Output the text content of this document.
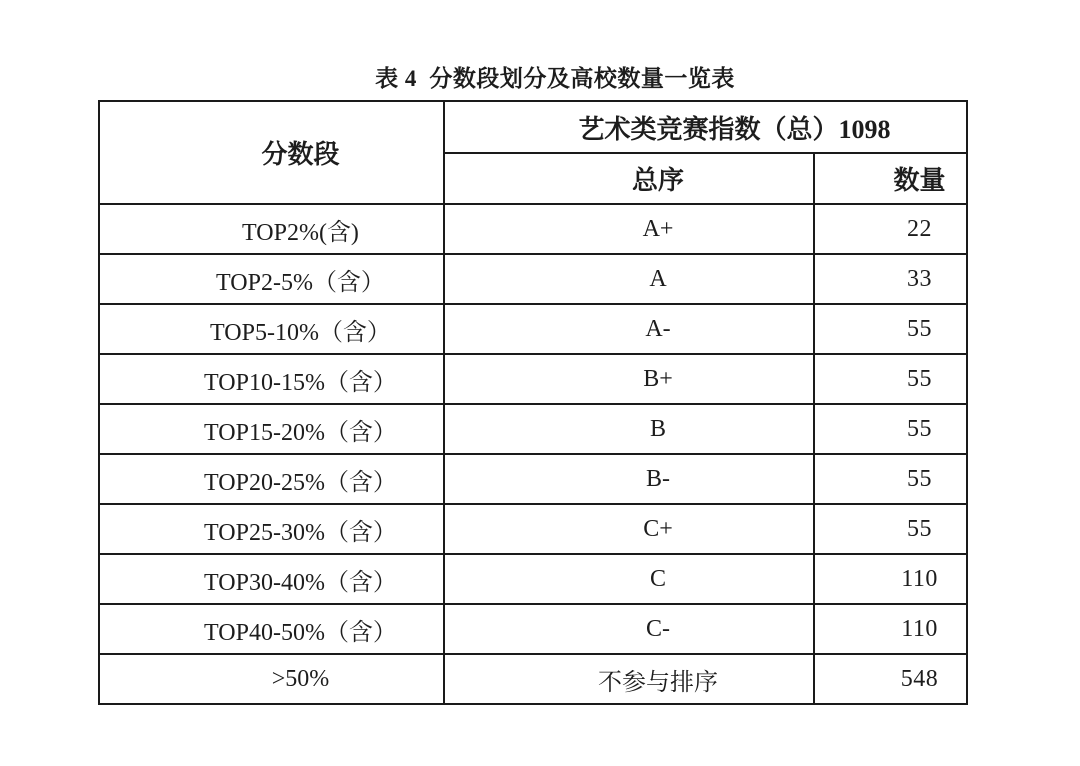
表 4  分数段划分及高校数量一览表
分数段	艺术类竞赛指数（总）1098	
	总序	数量
TOP2%(含)	A+	22
TOP2-5%（含）	A	33
TOP5-10%（含）	A-	55
TOP10-15%（含）	B+	55
TOP15-20%（含）	B	55
TOP20-25%（含）	B-	55
TOP25-30%（含）	C+	55
TOP30-40%（含）	C	110
TOP40-50%（含）	C-	110
>50%	不参与排序	548
